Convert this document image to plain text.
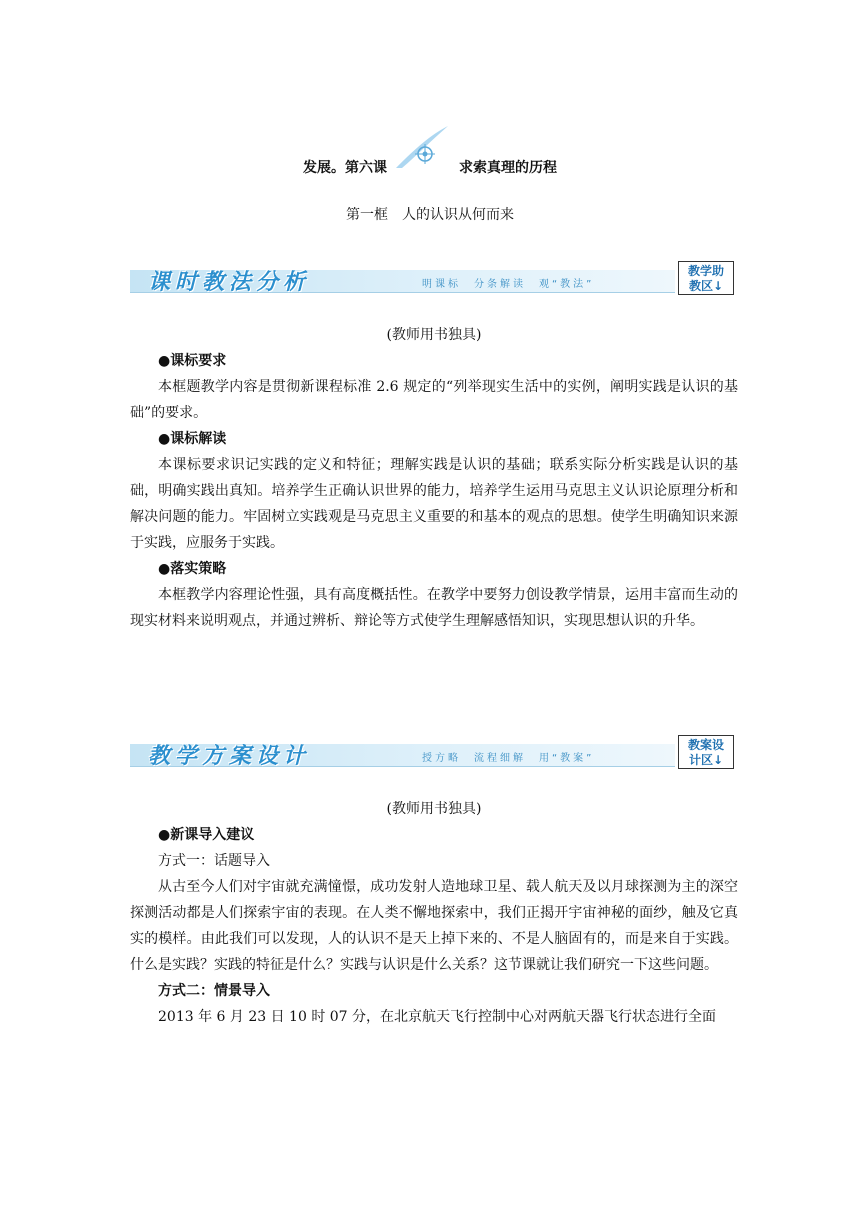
发展。第六课	求索真理的历程
第一框　人的认识从何而来
课时教法分析	明课标　分条解读　观“教法”
教学助
教区↓

(教师用书独具)

●课标要求

本框题教学内容是贯彻新课程标准 2.6 规定的“列举现实生活中的实例，阐明实践是认识的基础”的要求。

●课标解读

本课标要求识记实践的定义和特征；理解实践是认识的基础；联系实际分析实践是认识的基础，明确实践出真知。培养学生正确认识世界的能力，培养学生运用马克思主义认识论原理分析和解决问题的能力。牢固树立实践观是马克思主义重要的和基本的观点的思想。使学生明确知识来源于实践，应服务于实践。

●落实策略

本框教学内容理论性强，具有高度概括性。在教学中要努力创设教学情景，运用丰富而生动的现实材料来说明观点，并通过辨析、辩论等方式使学生理解感悟知识，实现思想认识的升华。

教学方案设计	授方略　流程细解　用“教案”
教案设
计区↓

(教师用书独具)

●新课导入建议

方式一：话题导入

从古至今人们对宇宙就充满憧憬，成功发射人造地球卫星、载人航天及以月球探测为主的深空探测活动都是人们探索宇宙的表现。在人类不懈地探索中，我们正揭开宇宙神秘的面纱，触及它真实的模样。由此我们可以发现，人的认识不是天上掉下来的、不是人脑固有的，而是来自于实践。什么是实践？实践的特征是什么？实践与认识是什么关系？这节课就让我们研究一下这些问题。

方式二：情景导入

2013 年 6 月 23 日 10 时 07 分，在北京航天飞行控制中心对两航天器飞行状态进行全面
